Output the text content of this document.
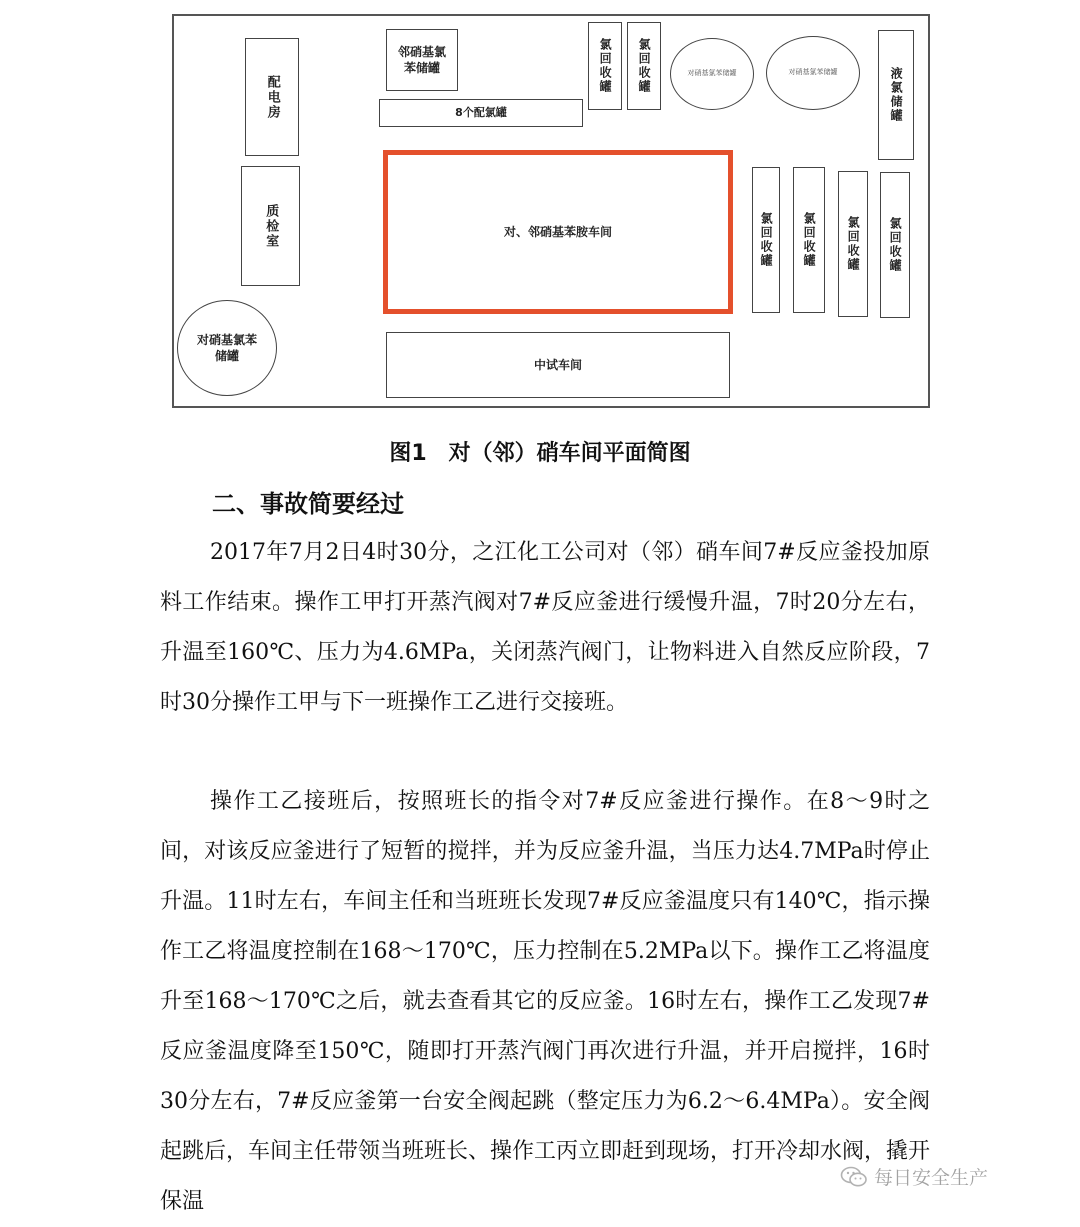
配电房
质检室
对硝基氯苯储罐
邻硝基氯苯储罐
8个配氯罐
氯回收罐	氯回收罐	对硝基氯苯储罐	对硝基氯苯储罐	液氯储罐
对、邻硝基苯胺车间	氯回收罐	氯回收罐	氯回收罐	氯回收罐
中试车间
图1　对（邻）硝车间平面简图
二、事故简要经过

2017年7月2日4时30分，之江化工公司对（邻）硝车间7#反应釜投加原料工作结束。操作工甲打开蒸汽阀对7#反应釜进行缓慢升温，7时20分左右，升温至160℃、压力为4.6MPa，关闭蒸汽阀门，让物料进入自然反应阶段，7时30分操作工甲与下一班操作工乙进行交接班。

操作工乙接班后，按照班长的指令对7#反应釜进行操作。在8～9时之间，对该反应釜进行了短暂的搅拌，并为反应釜升温，当压力达4.7MPa时停止升温。11时左右，车间主任和当班班长发现7#反应釜温度只有140℃，指示操作工乙将温度控制在168～170℃，压力控制在5.2MPa以下。操作工乙将温度升至168～170℃之后，就去查看其它的反应釜。16时左右，操作工乙发现7#反应釜温度降至150℃，随即打开蒸汽阀门再次进行升温，并开启搅拌，16时30分左右，7#反应釜第一台安全阀起跳（整定压力为6.2～6.4MPa）。安全阀起跳后，车间主任带领当班班长、操作工丙立即赶到现场，打开冷却水阀，撬开保温

每日安全生产
